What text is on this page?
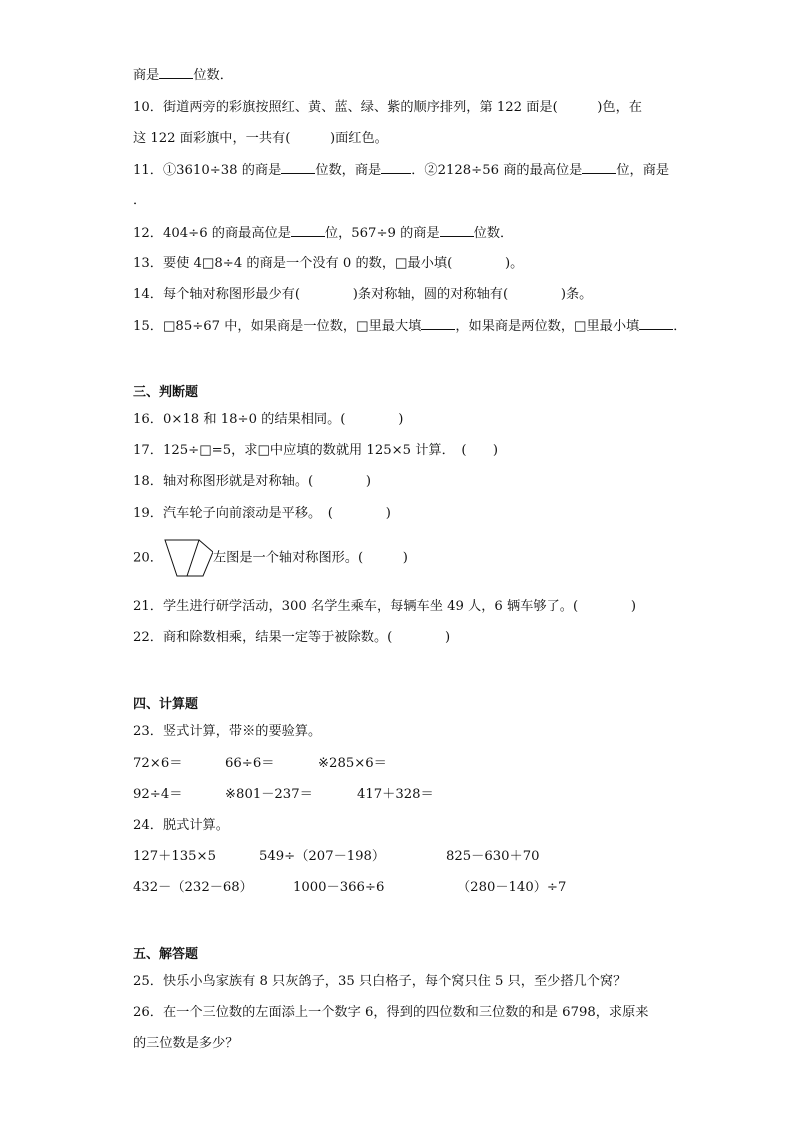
商是	位数．
10．街道两旁的彩旗按照红、黄、蓝、绿、紫的顺序排列，第 122 面是(　　　)色，在
这 122 面彩旗中，一共有(　　　)面红色。
11．①3610÷38 的商是	位数，商是 ．②2128÷56 商的最高位是	位，商是
．
12．404÷6 的商最高位是	位，567÷9 的商是	位数．
13．要使 4□8÷4 的商是一个没有 0 的数，□最小填(　　　　)。
14．每个轴对称图形最少有(　　　　)条对称轴，圆的对称轴有(　　　　)条。
15．□85÷67 中，如果商是一位数，□里最大填	，如果商是两位数，□里最小填	．
三、判断题
16．0×18 和 18÷0 的结果相同。(　　　　)
17．125÷□=5，求□中应填的数就用 125×5 计算．　(　　)
18．轴对称图形就是对称轴。(　　　　)
19．汽车轮子向前滚动是平移。　(　　　　)
20．	左图是一个轴对称图形。(　　　)
21．学生进行研学活动，300 名学生乘车，每辆车坐 49 人，6 辆车够了。(　　　　)
22．商和除数相乘，结果一定等于被除数。(　　　　)
四、计算题
23．竖式计算，带※的要验算。
72×6＝	66÷6＝	※285×6＝
92÷4＝	※801－237＝	417＋328＝
24．脱式计算。
127＋135×5	549÷（207－198）	825－630＋70
432－（232－68）	1000－366÷6	（280－140）÷7
五、解答题
25．快乐小鸟家族有 8 只灰鸽子，35 只白格子，每个窝只住 5 只，至少搭几个窝？
26．在一个三位数的左面添上一个数字 6，得到的四位数和三位数的和是 6798，求原来
的三位数是多少？
